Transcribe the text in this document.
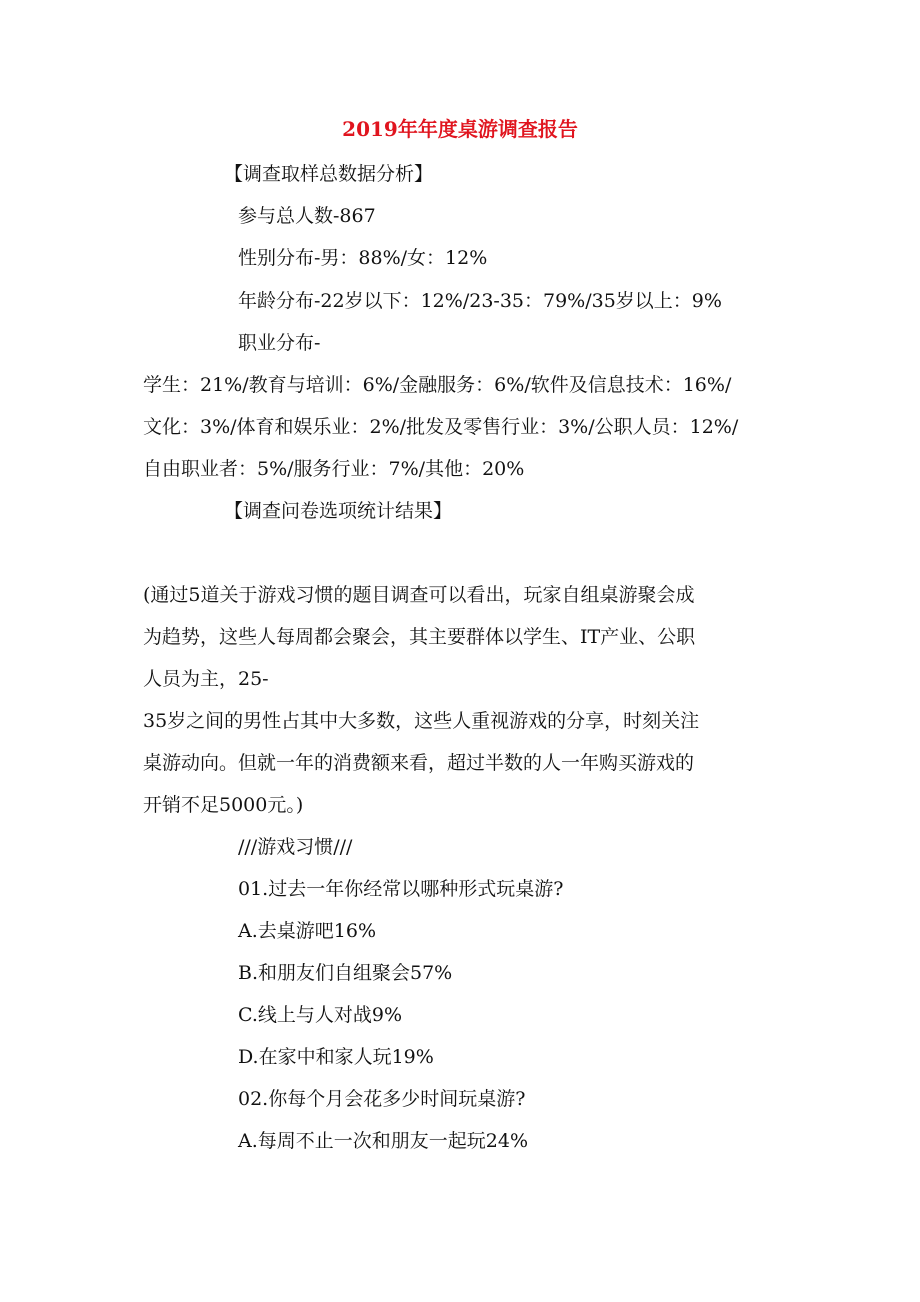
2019年年度桌游调查报告

【调查取样总数据分析】

参与总人数-867

性别分布-男：88%/女：12%

年龄分布-22岁以下：12%/23-35：79%/35岁以上：9%

职业分布-

学生：21%/教育与培训：6%/金融服务：6%/软件及信息技术：16%/

文化：3%/体育和娱乐业：2%/批发及零售行业：3%/公职人员：12%/

自由职业者：5%/服务行业：7%/其他：20%

【调查问卷选项统计结果】

(通过5道关于游戏习惯的题目调查可以看出，玩家自组桌游聚会成

为趋势，这些人每周都会聚会，其主要群体以学生、IT产业、公职

人员为主，25-

35岁之间的男性占其中大多数，这些人重视游戏的分享，时刻关注

桌游动向。但就一年的消费额来看，超过半数的人一年购买游戏的

开销不足5000元。)

///游戏习惯///

01.过去一年你经常以哪种形式玩桌游?

A.去桌游吧16%

B.和朋友们自组聚会57%

C.线上与人对战9%

D.在家中和家人玩19%

02.你每个月会花多少时间玩桌游?

A.每周不止一次和朋友一起玩24%
